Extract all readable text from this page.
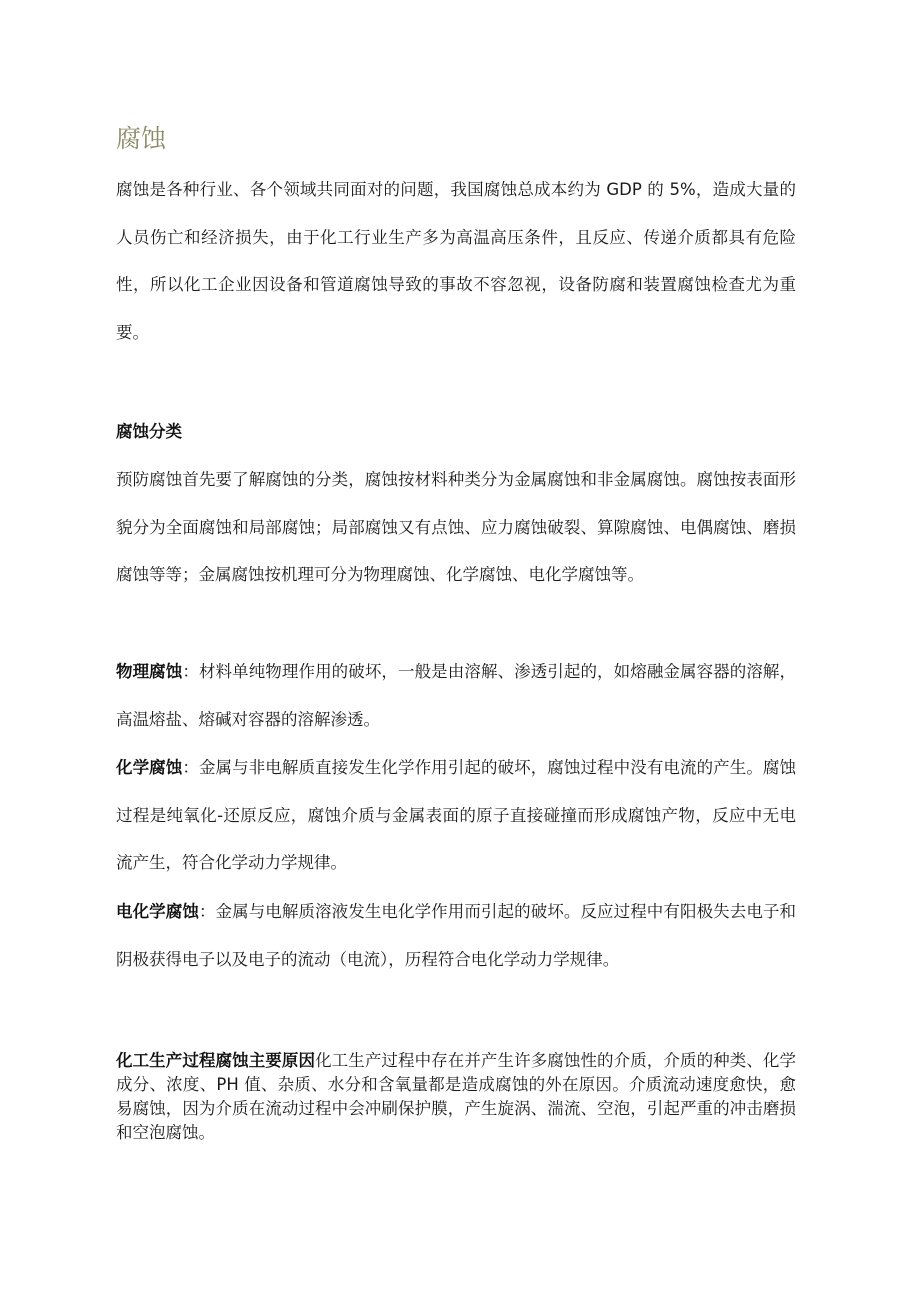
腐蚀

腐蚀是各种行业、各个领域共同面对的问题，我国腐蚀总成本约为 GDP 的 5%，造成大量的人员伤亡和经济损失，由于化工行业生产多为高温高压条件，且反应、传递介质都具有危险性，所以化工企业因设备和管道腐蚀导致的事故不容忽视，设备防腐和装置腐蚀检查尤为重要。

腐蚀分类

预防腐蚀首先要了解腐蚀的分类，腐蚀按材料种类分为金属腐蚀和非金属腐蚀。腐蚀按表面形貌分为全面腐蚀和局部腐蚀；局部腐蚀又有点蚀、应力腐蚀破裂、算隙腐蚀、电偶腐蚀、磨损腐蚀等等；金属腐蚀按机理可分为物理腐蚀、化学腐蚀、电化学腐蚀等。

物理腐蚀：材料单纯物理作用的破坏，一般是由溶解、渗透引起的，如熔融金属容器的溶解，高温熔盐、熔碱对容器的溶解渗透。

化学腐蚀：金属与非电解质直接发生化学作用引起的破坏，腐蚀过程中没有电流的产生。腐蚀过程是纯氧化-还原反应，腐蚀介质与金属表面的原子直接碰撞而形成腐蚀产物，反应中无电流产生，符合化学动力学规律。

电化学腐蚀：金属与电解质溶液发生电化学作用而引起的破坏。反应过程中有阳极失去电子和阴极获得电子以及电子的流动（电流），历程符合电化学动力学规律。

化工生产过程腐蚀主要原因化工生产过程中存在并产生许多腐蚀性的介质，介质的种类、化学成分、浓度、PH 值、杂质、水分和含氧量都是造成腐蚀的外在原因。介质流动速度愈快，愈易腐蚀，因为介质在流动过程中会冲刷保护膜，产生旋涡、湍流、空泡，引起严重的冲击磨损和空泡腐蚀。
